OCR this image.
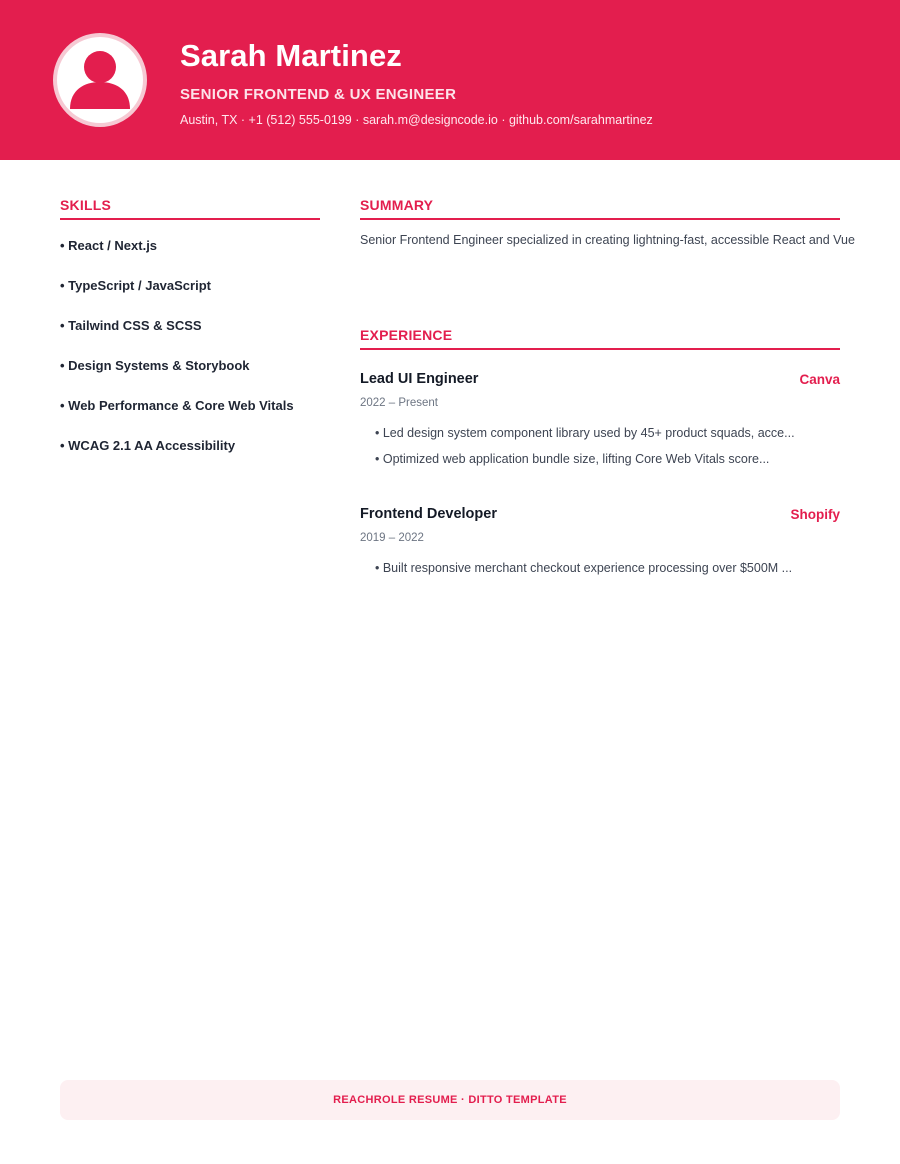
Sarah Martinez
SENIOR FRONTEND & UX ENGINEER
Austin, TX · +1 (512) 555-0199 · sarah.m@designcode.io · github.com/sarahmartinez
SKILLS
• React / Next.js
• TypeScript / JavaScript
• Tailwind CSS & SCSS
• Design Systems & Storybook
• Web Performance & Core Web Vitals
• WCAG 2.1 AA Accessibility
SUMMARY
Senior Frontend Engineer specialized in creating lightning-fast, accessible React and Vue
EXPERIENCE
Lead UI Engineer	Canva
2022 – Present
• Led design system component library used by 45+ product squads, acce...
• Optimized web application bundle size, lifting Core Web Vitals score...
Frontend Developer	Shopify
2019 – 2022
• Built responsive merchant checkout experience processing over $500M ...
REACHROLE RESUME · DITTO TEMPLATE
